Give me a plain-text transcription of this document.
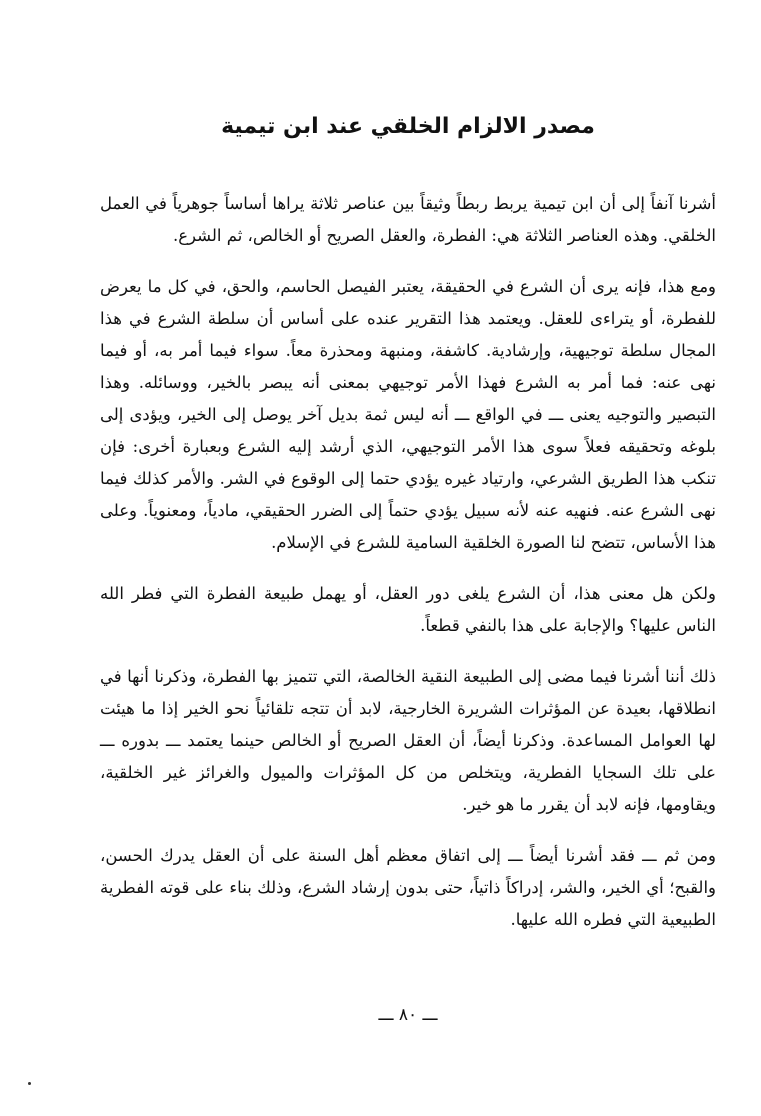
مصدر الالزام الخلقي عند ابن تيمية

أشرنا آنفاً إلى أن ابن تيمية يربط ربطاً وثيقاً بين عناصر ثلاثة يراها أساساً جوهرياً في العمل الخلقي. وهذه العناصر الثلاثة هي: الفطرة، والعقل الصريح أو الخالص، ثم الشرع.

ومع هذا، فإنه يرى أن الشرع في الحقيقة، يعتبر الفيصل الحاسم، والحق، في كل ما يعرض للفطرة، أو يتراءى للعقل. ويعتمد هذا التقرير عنده على أساس أن سلطة الشرع في هذا المجال سلطة توجيهية، وإرشادية. كاشفة، ومنبهة ومحذرة معاً. سواء فيما أمر به، أو فيما نهى عنه: فما أمر به الشرع فهذا الأمر توجيهي بمعنى أنه يبصر بالخير، ووسائله. وهذا التبصير والتوجيه يعنى ـــ في الواقع ـــ أنه ليس ثمة بديل آخر يوصل إلى الخير، ويؤدى إلى بلوغه وتحقيقه فعلاً سوى هذا الأمر التوجيهي، الذي أرشد إليه الشرع وبعبارة أخرى: فإن تنكب هذا الطريق الشرعي، وارتياد غيره يؤدي حتما إلى الوقوع في الشر. والأمر كذلك فيما نهى الشرع عنه. فنهيه عنه لأنه سبيل يؤدي حتماً إلى الضرر الحقيقي، مادياً، ومعنوياً. وعلى هذا الأساس، تتضح لنا الصورة الخلقية السامية للشرع في الإسلام.

ولكن هل معنى هذا، أن الشرع يلغى دور العقل، أو يهمل طبيعة الفطرة التي فطر الله الناس عليها؟ والإجابة على هذا بالنفي قطعاً.

ذلك أننا أشرنا فيما مضى إلى الطبيعة النقية الخالصة، التي تتميز بها الفطرة، وذكرنا أنها في انطلاقها، بعيدة عن المؤثرات الشريرة الخارجية، لابد أن تتجه تلقائياً نحو الخير إذا ما هيئت لها العوامل المساعدة. وذكرنا أيضاً، أن العقل الصريح أو الخالص حينما يعتمد ـــ بدوره ـــ على تلك السجايا الفطرية، ويتخلص من كل المؤثرات والميول والغرائز غير الخلقية، ويقاومها، فإنه لابد أن يقرر ما هو خير.

ومن ثم ـــ فقد أشرنا أيضاً ـــ إلى اتفاق معظم أهل السنة على أن العقل يدرك الحسن، والقبح؛ أي الخير، والشر، إدراكاً ذاتياً، حتى بدون إرشاد الشرع، وذلك بناء على قوته الفطرية الطبيعية التي فطره الله عليها.

ـــ ٨٠ ـــ
